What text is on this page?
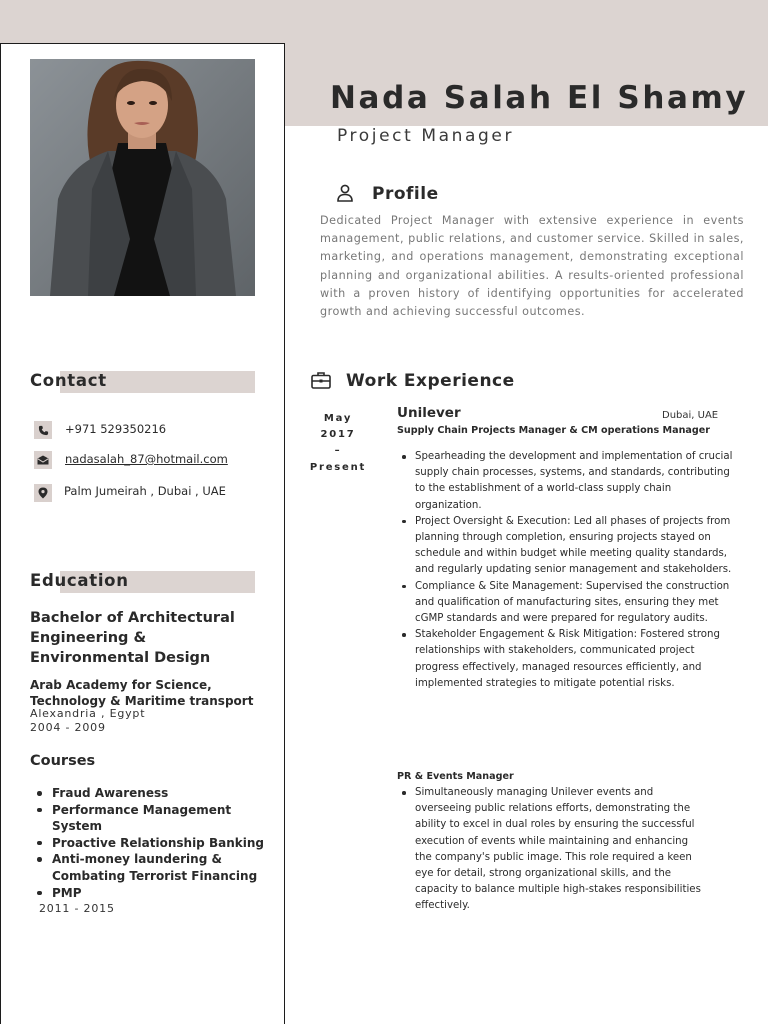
Nada Salah El Shamy
Project Manager
Profile
Dedicated Project Manager with extensive experience in events management, public relations, and customer service. Skilled in sales, marketing, and operations management, demonstrating exceptional planning and organizational abilities. A results-oriented professional with a proven history of identifying opportunities for accelerated growth and achieving successful outcomes.
Contact
+971 529350216
nadasalah_87@hotmail.com
Palm Jumeirah , Dubai , UAE
Education
Bachelor of Architectural Engineering & Environmental Design
Arab Academy for Science, Technology & Maritime transport
Alexandria , Egypt
2004 - 2009
Courses
Fraud Awareness
Performance Management System
Proactive Relationship Banking
Anti-money laundering & Combating Terrorist Financing
PMP
2011 - 2015
Work Experience
May
2017
–
Present
Unilever	Dubai, UAE
Supply Chain Projects Manager & CM operations Manager
Spearheading the development and implementation of crucial supply chain processes, systems, and standards, contributing to the establishment of a world-class supply chain organization.
Project Oversight & Execution: Led all phases of projects from planning through completion, ensuring projects stayed on schedule and within budget while meeting quality standards, and regularly updating senior management and stakeholders.
Compliance & Site Management: Supervised the construction and qualification of manufacturing sites, ensuring they met cGMP standards and were prepared for regulatory audits.
Stakeholder Engagement & Risk Mitigation: Fostered strong relationships with stakeholders, communicated project progress effectively, managed resources efficiently, and implemented strategies to mitigate potential risks.
PR & Events Manager
Simultaneously managing Unilever events and overseeing public relations efforts, demonstrating the ability to excel in dual roles by ensuring the successful execution of events while maintaining and enhancing the company's public image. This role required a keen eye for detail, strong organizational skills, and the capacity to balance multiple high-stakes responsibilities effectively.
